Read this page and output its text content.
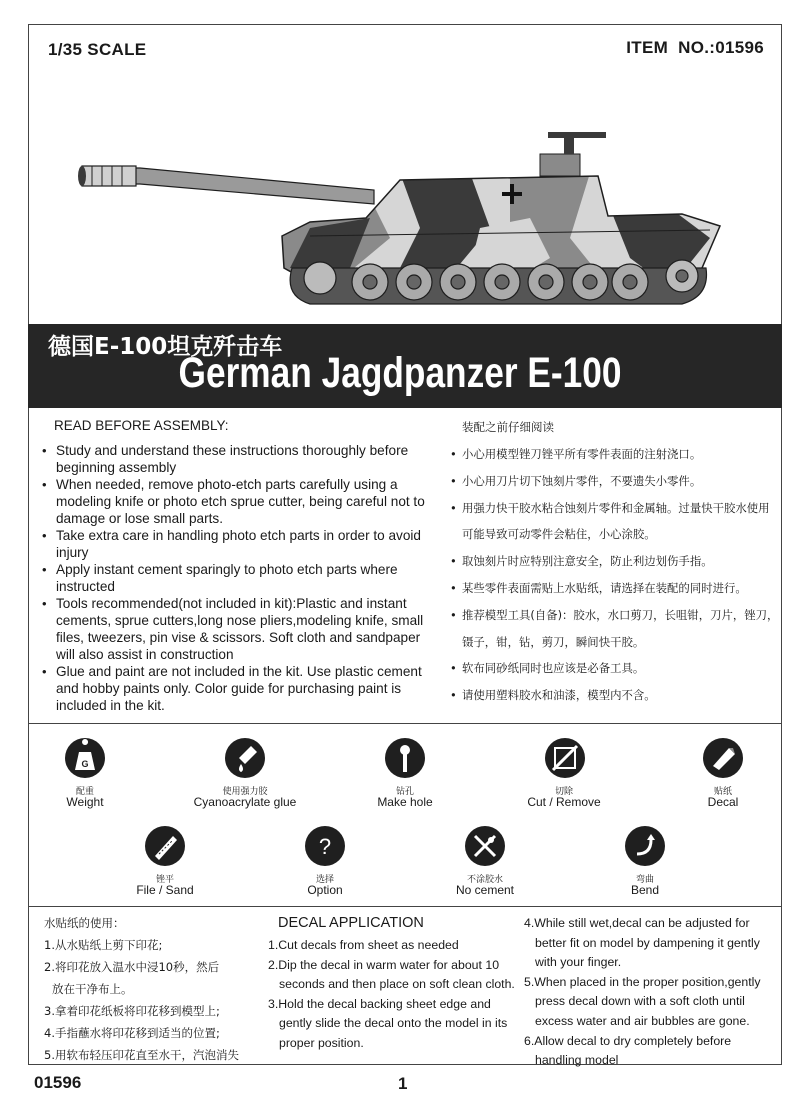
1/35 SCALE	ITEM  NO.:01596
德国E-100坦克歼击车
German Jagdpanzer E-100
READ BEFORE ASSEMBLY:
• Study and understand these instructions thoroughly before beginning assembly
• When needed, remove photo-etch parts carefully using a modeling knife or photo etch sprue cutter, being careful not to damage or lose small parts.
• Take extra care in handling photo etch parts in order to avoid injury
• Apply instant cement sparingly to photo etch parts where instructed
• Tools recommended(not included in kit):Plastic and instant cements, sprue cutters,long nose pliers,modeling knife, small files, tweezers, pin vise & scissors. Soft cloth and sandpaper will also assist in construction
• Glue and paint are not included in the kit. Use plastic cement and hobby paints only. Color guide for purchasing paint is included in the kit.
装配之前仔细阅读
• 小心用模型锉刀锉平所有零件表面的注射浇口。
• 小心用刀片切下蚀刻片零件，不要遗失小零件。
• 用强力快干胶水粘合蚀刻片零件和金属轴。过量快干胶水使用可能导致可动零件会粘住，小心涂胶。
• 取蚀刻片时应特别注意安全，防止利边划伤手指。
• 某些零件表面需贴上水贴纸，请选择在装配的同时进行。
• 推荐模型工具(自备)：胶水，水口剪刀，长咀钳，刀片，锉刀，镊子，钳，钻，剪刀，瞬间快干胶。
• 软布同砂纸同时也应该是必备工具。
• 请使用塑料胶水和油漆，模型内不含。
G
配重
Weight
使用强力胶
Cyanoacrylate glue
钻孔
Make hole
切除
Cut / Remove
贴纸
Decal
?
锉平
File / Sand
选择
Option
不涂胶水
No cement
弯曲
Bend
水贴纸的使用：
1.从水贴纸上剪下印花;
2.将印花放入温水中浸10秒，然后
放在干净布上。
3.拿着印花纸板将印花移到模型上;
4.手指蘸水将印花移到适当的位置;
5.用软布轻压印花直至水干，汽泡消失
DECAL APPLICATION
1.Cut decals from sheet as needed
2.Dip the decal in warm water for about 10
seconds and then place on soft clean cloth.
3.Hold the decal backing sheet edge and
gently slide the decal onto the model in its
proper position.
4.While still wet,decal can be adjusted for
better fit on model by dampening it gently
with your finger.
5.When placed in the proper position,gently
press decal down with a soft cloth until
excess water and air bubbles are gone.
6.Allow decal to dry completely before
handling model
01596	1
